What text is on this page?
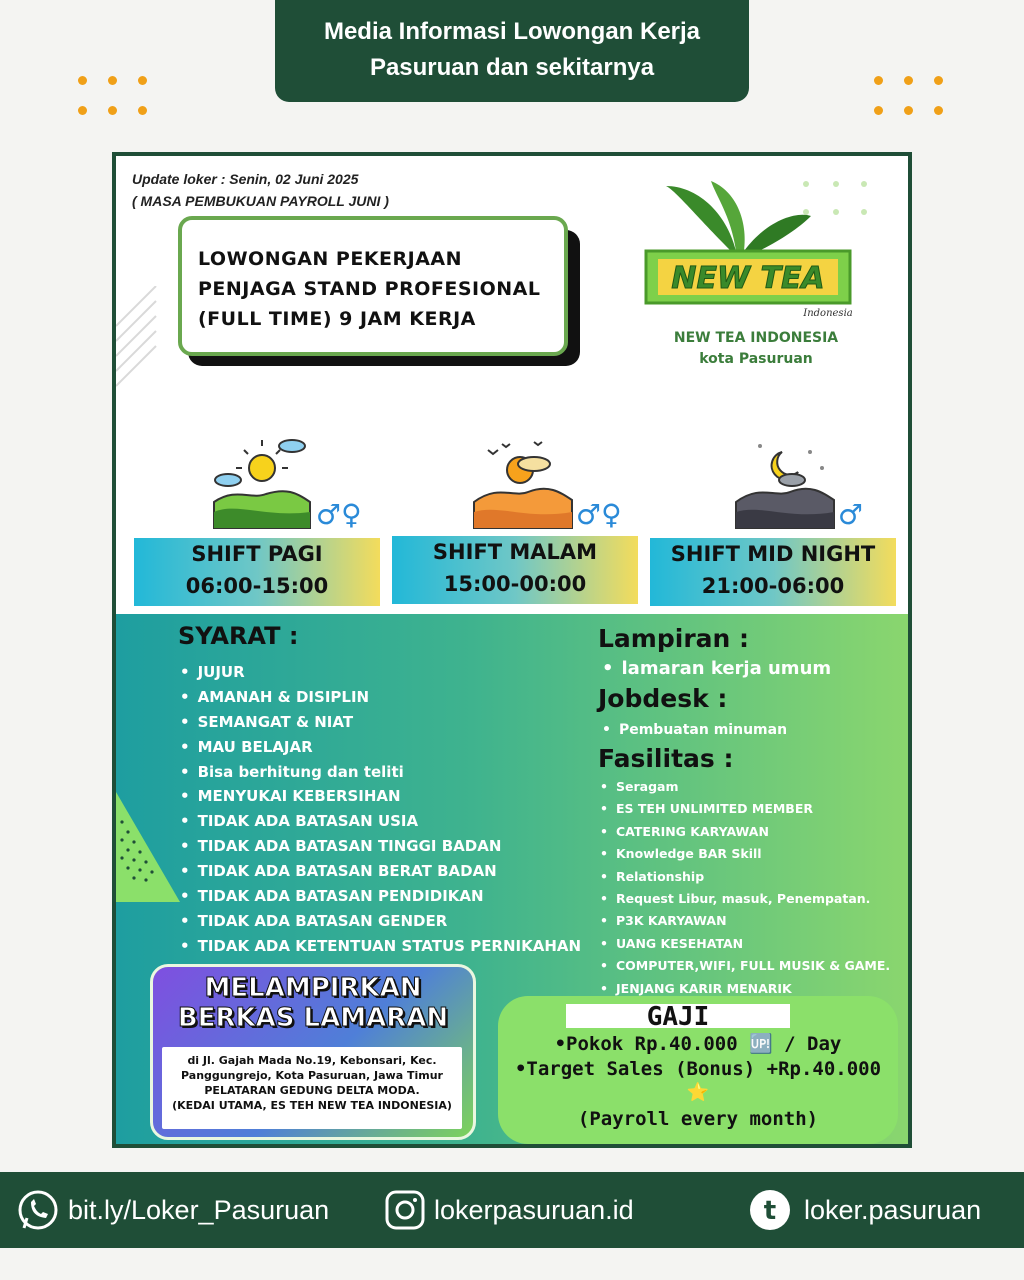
Media Informasi Lowongan Kerja
Pasuruan dan sekitarnya
Update loker : Senin, 02 Juni 2025
( MASA PEMBUKUAN PAYROLL JUNI )
LOWONGAN PEKERJAAN
PENJAGA STAND PROFESIONAL
(FULL TIME) 9 JAM KERJA
NEW TEA
Indonesia
NEW TEA INDONESIA
kota Pasuruan
♂♀	♂♀	♂
SHIFT PAGI
06:00-15:00
SHIFT MALAM
15:00-00:00
SHIFT MID NIGHT
21:00-06:00
SYARAT :
• JUJUR
• AMANAH & DISIPLIN
• SEMANGAT & NIAT
• MAU BELAJAR
• Bisa berhitung dan teliti
• MENYUKAI KEBERSIHAN
• TIDAK ADA BATASAN USIA
• TIDAK ADA BATASAN TINGGI BADAN
• TIDAK ADA BATASAN BERAT BADAN
• TIDAK ADA BATASAN PENDIDIKAN
• TIDAK ADA BATASAN GENDER
• TIDAK ADA KETENTUAN STATUS PERNIKAHAN
Lampiran :
• lamaran kerja umum
Jobdesk :
• Pembuatan minuman
Fasilitas :
• Seragam
• ES TEH UNLIMITED MEMBER
• CATERING KARYAWAN
• Knowledge BAR Skill
• Relationship
• Request Libur, masuk, Penempatan.
• P3K KARYAWAN
• UANG KESEHATAN
• COMPUTER,WIFI, FULL MUSIK & GAME.
• JENJANG KARIR MENARIK
MELAMPIRKAN
BERKAS LAMARAN
di Jl. Gajah Mada No.19, Kebonsari, Kec.
Panggungrejo, Kota Pasuruan, Jawa Timur
PELATARAN GEDUNG DELTA MODA.
(KEDAI UTAMA, ES TEH NEW TEA INDONESIA)
GAJI
•Pokok Rp.40.000 🆙 / Day
•Target Sales (Bonus) +Rp.40.000
⭐
(Payroll every month)
bit.ly/Loker_Pasuruan	lokerpasuruan.id	t loker.pasuruan
